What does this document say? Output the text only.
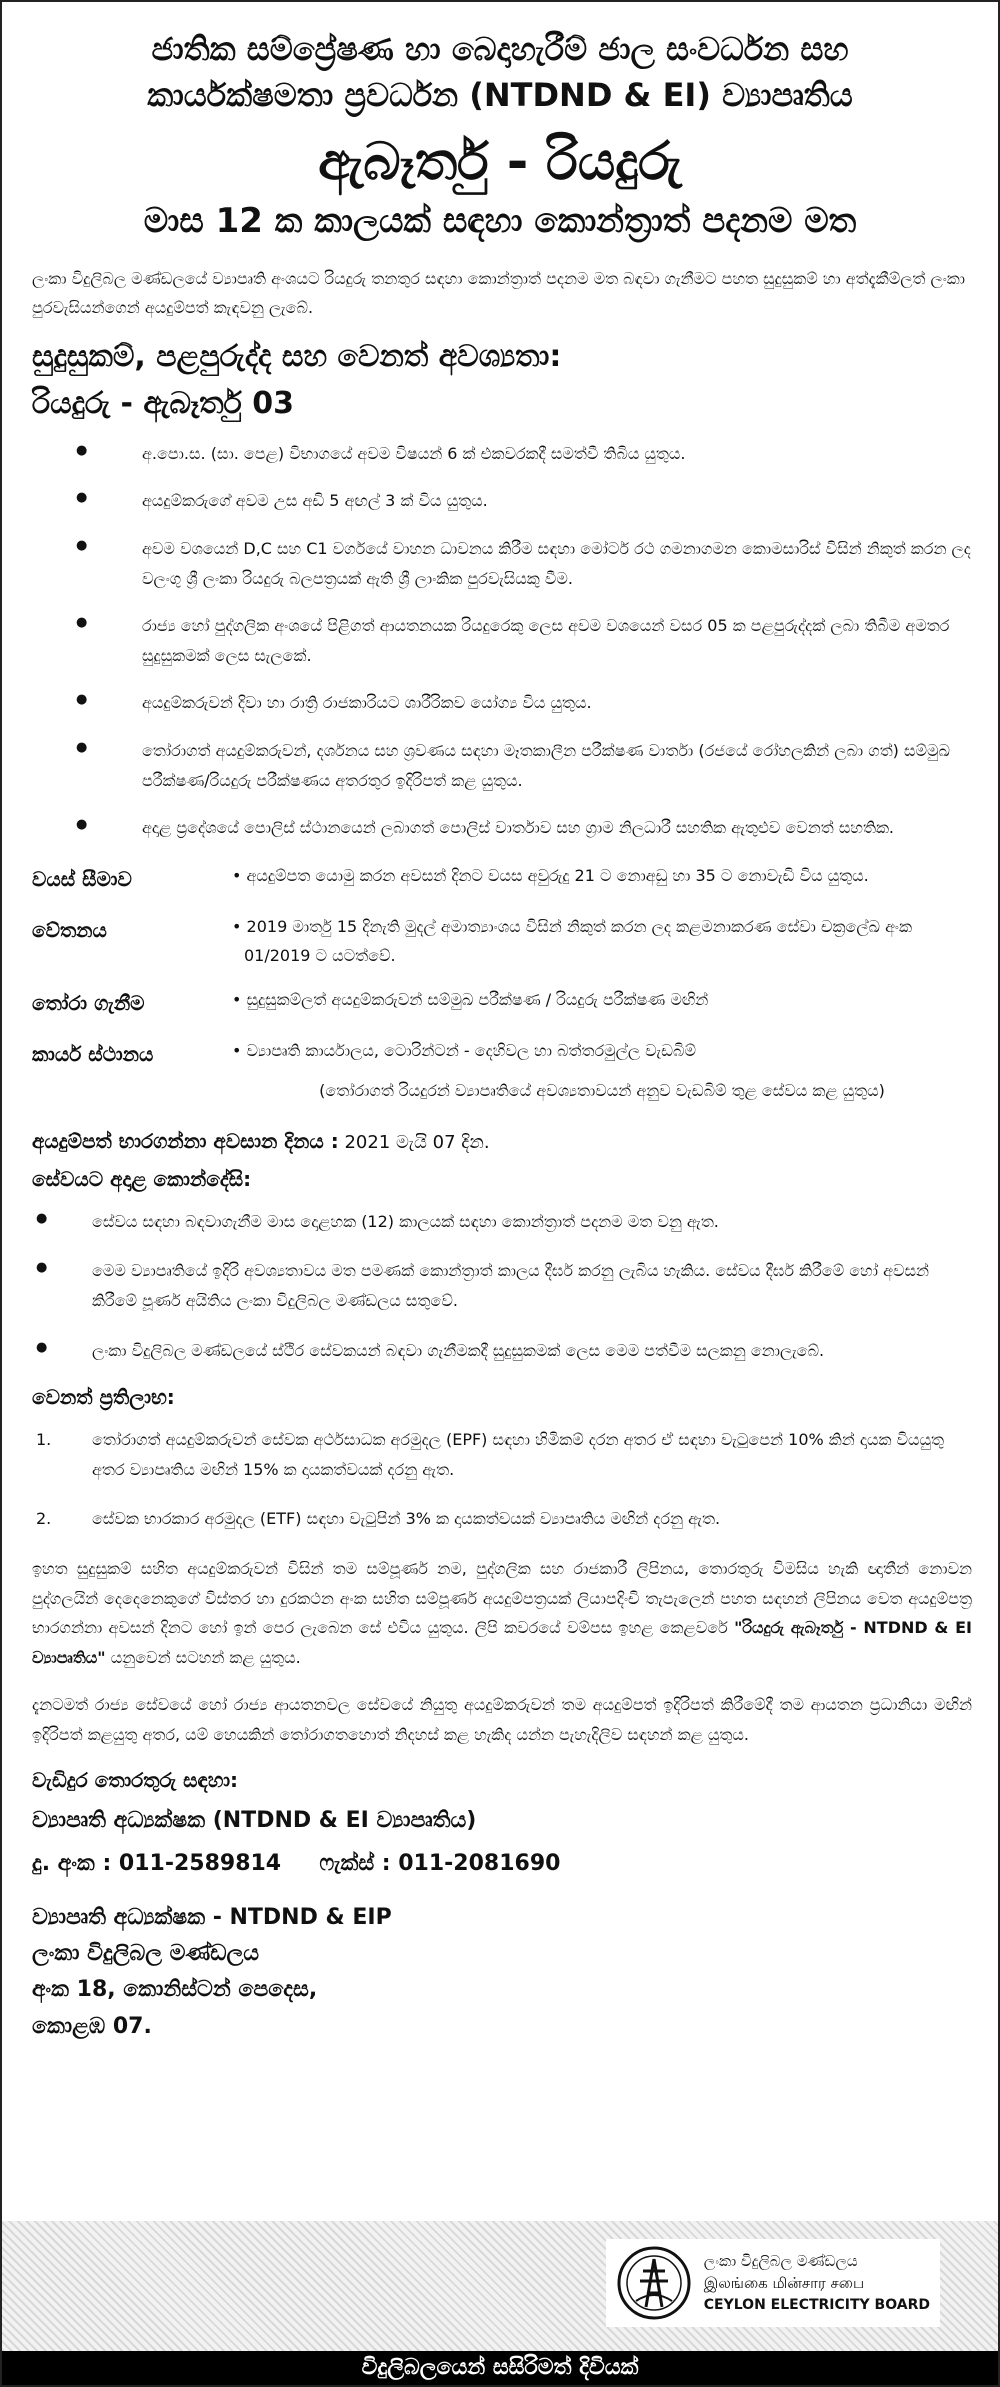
ජාතික සම්ප්‍රේෂණ හා බෙදාහැරීම් ජාල සංවර්ධන සහ

කාර්යක්ෂමතා ප්‍රවර්ධන (NTDND & EI) ව්‍යාපෘතිය

ඇබෑර්තු - රියදුරු

මාස 12 ක කාලයක් සඳහා කොන්ත්‍රාත් පදනම මත

ලංකා විදුලිබල මණ්ඩලයේ ව්‍යාපෘති අංශයට රියදුරු තනතුර සඳහා කොන්ත්‍රාත් පදනම මත බඳවා ගැනීමට පහත සුදුසුකම් හා අත්දැකීම්ලත් ලංකා පුරවැසියන්ගෙන් අයදුම්පත් කැඳවනු ලැබේ.

සුදුසුකම්, පළපුරුද්ද සහ වෙනත් අවශ්‍යතා:
රියදුරු - ඇබෑර්තු 03
● අ.පො.ස. (සා. පෙළ) විභාගයේ අවම විෂයන් 6 ක් එකවරකදී සමත්වී තිබිය යුතුය.
● අයදුම්කරුගේ අවම උස අඩි 5 අඟල් 3 ක් විය යුතුය.
● අවම වශයෙන් D,C සහ C1 වර්ගයේ වාහන ධාවනය කිරීම සඳහා මෝටර් රථ ගමනාගමන කොමසාරිස් විසින් නිකුත් කරන ලද වලංගු ශ්‍රී ලංකා රියදුරු බලපත්‍රයක් ඇති ශ්‍රී ලාංකික පුරවැසියකු වීම.
● රාජ්‍ය හෝ පුද්ගලික අංශයේ පිළිගත් ආයතනයක රියදුරෙකු ලෙස අවම වශයෙන් වසර 05 ක පළපුරුද්දක් ලබා තිබීම අමතර සුදුසුකමක් ලෙස සැලකේ.
● අයදුම්කරුවන් දිවා හා රාත්‍රි රාජකාරියට ශාරීරිකව යෝග්‍ය විය යුතුය.
● තෝරාගත් අයදුම්කරුවන්, දර්ශනය සහ ශ්‍රවණය සඳහා මෑතකාලීන පරීක්ෂණ වාර්තා (රජයේ රෝහලකින් ලබා ගත්) සම්මුඛ පරීක්ෂණ/රියදුරු පරීක්ෂණය අතරතුර ඉදිරිපත් කළ යුතුය.
● අදාළ ප්‍රදේශයේ පොලිස් ස්ථානයෙන් ලබාගත් පොලිස් වාර්තාව සහ ග්‍රාම නිලධාරී සහතික ඇතුළුව වෙනත් සහතික.
වයස් සීමාව	• අයදුම්පත යොමු කරන අවසන් දිනට වයස අවුරුදු 21 ට නොඅඩු හා 35 ට නොවැඩි විය යුතුය.
වේතනය	• 2019 මාර්තු 15 දිනැති මුදල් අමාත්‍යාංශය විසින් නිකුත් කරන ලද කළමනාකරණ සේවා චක්‍රලේඛ අංක 01/2019 ට යටත්වේ.
තෝරා ගැනීම	• සුදුසුකම්ලත් අයදුම්කරුවන් සම්මුඛ පරීක්ෂණ / රියදුරු පරීක්ෂණ මඟින්
කාර්ය ස්ථානය	• ව්‍යාපෘති කාර්යාලය, ටොරින්ටන් - දෙහිවල හා බත්තරමුල්ල වැඩබිම්
(තෝරාගත් රියදුරන් ව්‍යාපෘතියේ අවශ්‍යතාවයන් අනුව වැඩබිම් තුළ සේවය කළ යුතුය)
අයදුම්පත් භාරගන්නා අවසාන දිනය : 2021 මැයි 07 දින.
සේවයට අදාළ කොන්දේසි:
● සේවය සඳහා බඳවාගැනීම මාස දොළහක (12) කාලයක් සඳහා කොන්ත්‍රාත් පදනම මත වනු ඇත.
● මෙම ව්‍යාපෘතියේ ඉදිරි අවශ්‍යතාවය මත පමණක් කොන්ත්‍රාත් කාලය දීර්ඝ කරනු ලැබිය හැකිය. සේවය දීර්ඝ කිරීමේ හෝ අවසන් කිරීමේ පූර්ණ අයිතිය ලංකා විදුලිබල මණ්ඩලය සතුවේ.
● ලංකා විදුලිබල මණ්ඩලයේ ස්ථිර සේවකයන් බඳවා ගැනීමකදී සුදුසුකමක් ලෙස මෙම පත්වීම සලකනු නොලැබේ.
වෙනත් ප්‍රතිලාභ:
1.	තෝරාගත් අයදුම්කරුවන් සේවක අර්ථසාධක අරමුදල (EPF) සඳහා හිමිකම් දරන අතර ඒ සඳහා වැටුපෙන් 10% කින් දායක වියයුතු අතර ව්‍යාපෘතිය මඟින් 15% ක දායකත්වයක් දරනු ඇත.
2.	සේවක භාරකාර අරමුදල (ETF) සඳහා වැටුපින් 3% ක දායකත්වයක් ව්‍යාපෘතිය මඟින් දරනු ඇත.

ඉහත සුදුසුකම් සහිත අයදුම්කරුවන් විසින් තම සම්පූර්ණ නම, පුද්ගලික සහ රාජකාරී ලිපිනය, තොරතුරු විමසිය හැකි ඥාතීන් නොවන පුද්ගලයින් දෙදෙනෙකුගේ විස්තර හා දුරකථන අංක සහිත සම්පූර්ණ අයදුම්පත්‍රයක් ලියාපදිංචි තැපැලෙන් පහත සඳහන් ලිපිනය වෙත අයදුම්පත්‍ර භාරගන්නා අවසන් දිනට හෝ ඉන් පෙර ලැබෙන සේ එවිය යුතුය. ලිපි කවරයේ වම්පස ඉහළ කෙළවරේ "රියදුරු ඇබෑර්තු - NTDND & EI ව්‍යාපෘතිය" යනුවෙන් සටහන් කළ යුතුය.

දැනටමත් රාජ්‍ය සේවයේ හෝ රාජ්‍ය ආයතනවල සේවයේ නියුතු අයදුම්කරුවන් තම අයදුම්පත් ඉදිරිපත් කිරීමේදී තම ආයතන ප්‍රධානියා මඟින් ඉදිරිපත් කළයුතු අතර, යම් හෙයකින් තෝරාගතහොත් නිදහස් කළ හැකිද යන්න පැහැදිලිව සඳහන් කළ යුතුය.

වැඩිදුර තොරතුරු සඳහා:
ව්‍යාපෘති අධ්‍යක්ෂක (NTDND & EI ව්‍යාපෘතිය)
දු. අංක : 011-2589814 ෆැක්ස් : 011-2081690
ව්‍යාපෘති අධ්‍යක්ෂක - NTDND & EIP
ලංකා විදුලිබල මණ්ඩලය
අංක 18, කොනිස්ටන් පෙදෙස,
කොළඹ 07.
ලංකා විදුලිබල මණ්ඩලය
இலங்கை மின்சார சபை
CEYLON ELECTRICITY BOARD
විදුලිබලයෙන් සසිරිමත් දිවියක්
